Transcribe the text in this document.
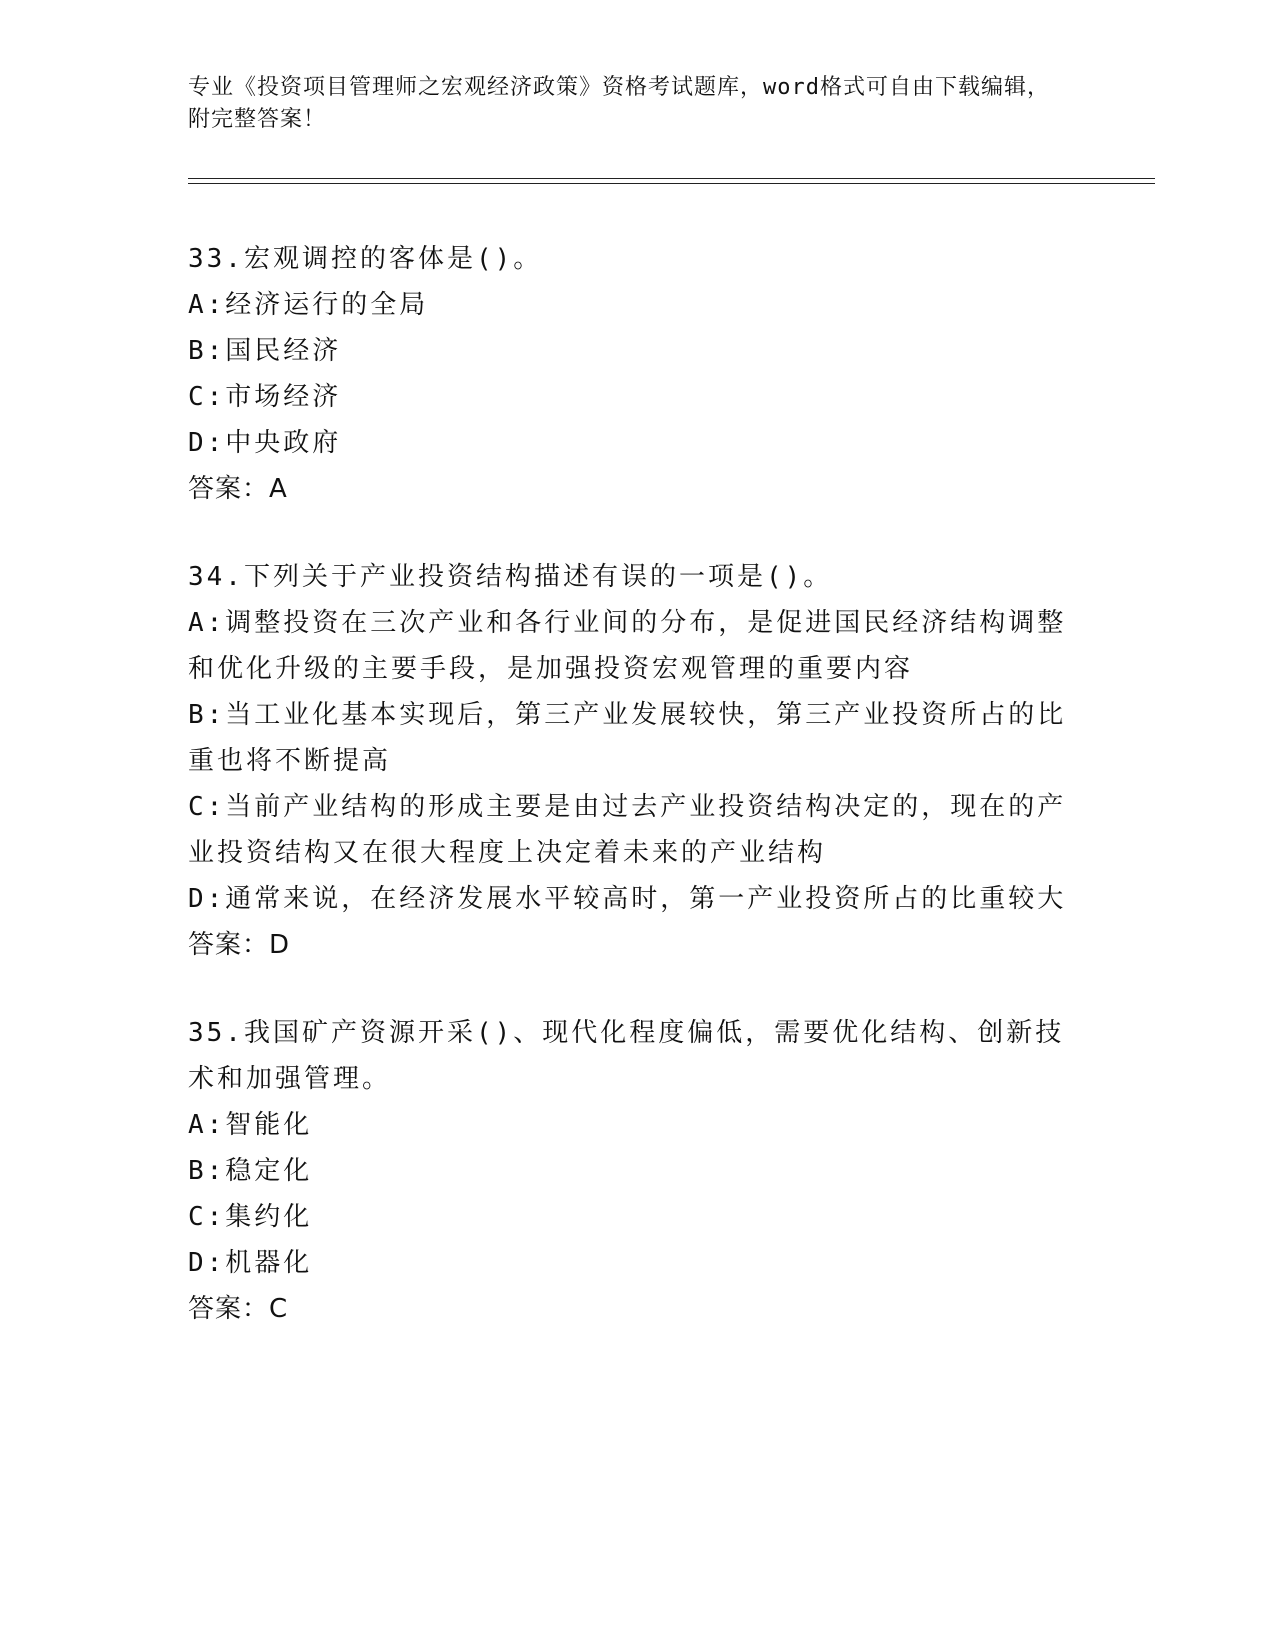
专业《投资项目管理师之宏观经济政策》资格考试题库，word格式可自由下载编辑，附完整答案！
33.宏观调控的客体是()。
A:经济运行的全局
B:国民经济
C:市场经济
D:中央政府
答案：A
34.下列关于产业投资结构描述有误的一项是()。
A:调整投资在三次产业和各行业间的分布，是促进国民经济结构调整和优化升级的主要手段，是加强投资宏观管理的重要内容
B:当工业化基本实现后，第三产业发展较快，第三产业投资所占的比重也将不断提高
C:当前产业结构的形成主要是由过去产业投资结构决定的，现在的产业投资结构又在很大程度上决定着未来的产业结构
D:通常来说，在经济发展水平较高时，第一产业投资所占的比重较大
答案：D
35.我国矿产资源开采()、现代化程度偏低，需要优化结构、创新技术和加强管理。
A:智能化
B:稳定化
C:集约化
D:机器化
答案：C
